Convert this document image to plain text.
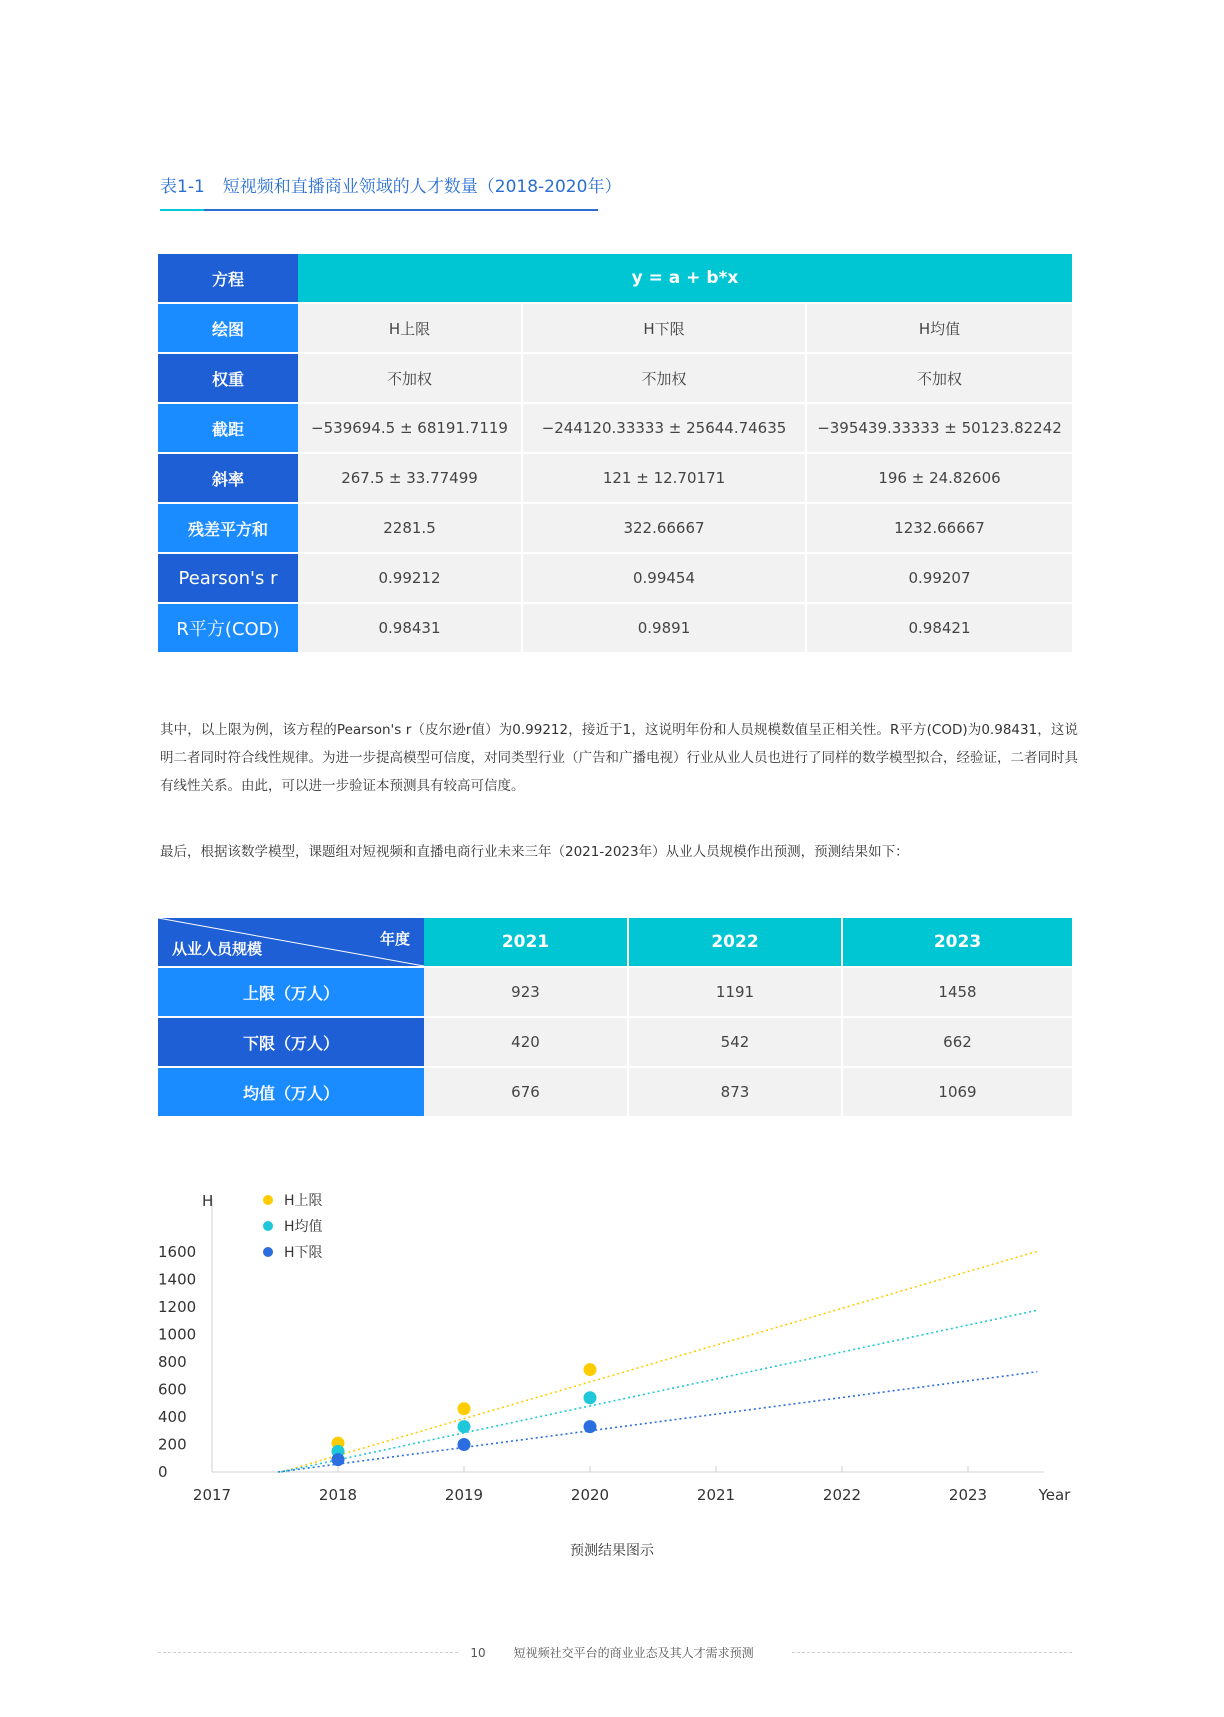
表1-1 短视频和直播商业领域的人才数量（2018-2020年）
方程	y = a + b*x		
绘图	H上限	H下限	H均值
权重	不加权	不加权	不加权
截距	−539694.5 ± 68191.7119	−244120.33333 ± 25644.74635	−395439.33333 ± 50123.82242
斜率	267.5 ± 33.77499	121 ± 12.70171	196 ± 24.82606
残差平方和	2281.5	322.66667	1232.66667
Pearson's r	0.99212	0.99454	0.99207
R平方(COD)	0.98431	0.9891	0.98421
其中，以上限为例，该方程的Pearson's r（皮尔逊r值）为0.99212，接近于1，这说明年份和人员规模数值呈正相关性。R平方(COD)为0.98431，这说明二者同时符合线性规律。为进一步提高模型可信度，对同类型行业（广告和广播电视）行业从业人员也进行了同样的数学模型拟合，经验证，二者同时具有线性关系。由此，可以进一步验证本预测具有较高可信度。
最后，根据该数学模型，课题组对短视频和直播电商行业未来三年（2021-2023年）从业人员规模作出预测，预测结果如下：
年度
从业人员规模	2021	2022	2023
上限（万人）	923	1191	1458
下限（万人）	420	542	662
均值（万人）	676	873	1069
0
200
400
600
800
1000
1200
1400
1600
2017	2018	2019	2020	2021	2022	2023
H
Year
H上限
H均值
H下限
预测结果图示
10 短视频社交平台的商业业态及其人才需求预测
